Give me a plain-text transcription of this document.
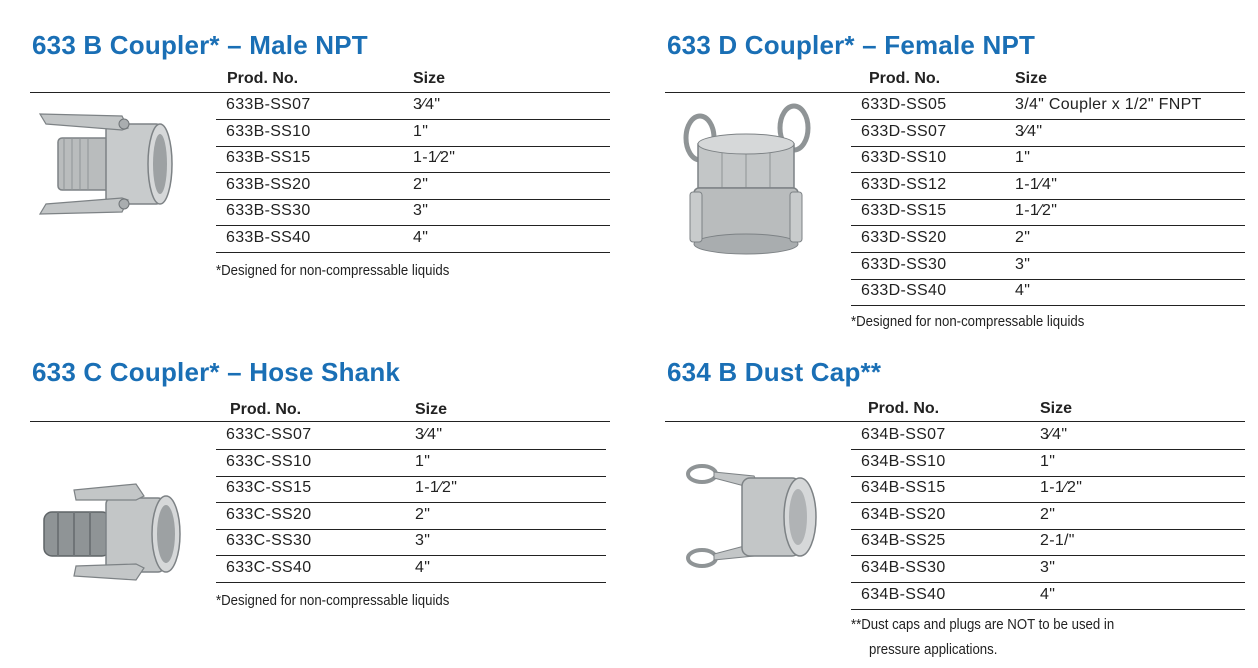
633 B Coupler* – Male NPT
Prod. No.	Size
633B-SS07	3⁄4"
633B-SS10	1"
633B-SS15	1-1⁄2"
633B-SS20	2"
633B-SS30	3"
633B-SS40	4"
*Designed for non-compressable liquids
633 D Coupler* – Female NPT
Prod. No.	Size
633D-SS05	3/4" Coupler x 1/2" FNPT
633D-SS07	3⁄4"
633D-SS10	1"
633D-SS12	1-1⁄4"
633D-SS15	1-1⁄2"
633D-SS20	2"
633D-SS30	3"
633D-SS40	4"
*Designed for non-compressable liquids
633 C Coupler* – Hose Shank
Prod. No.	Size
633C-SS07	3⁄4"
633C-SS10	1"
633C-SS15	1-1⁄2"
633C-SS20	2"
633C-SS30	3"
633C-SS40	4"
*Designed for non-compressable liquids
634 B Dust Cap**
Prod. No.	Size
634B-SS07	3⁄4"
634B-SS10	1"
634B-SS15	1-1⁄2"
634B-SS20	2"
634B-SS25	2-1/"
634B-SS30	3"
634B-SS40	4"
**Dust caps and plugs are NOT to be used in
pressure applications.
